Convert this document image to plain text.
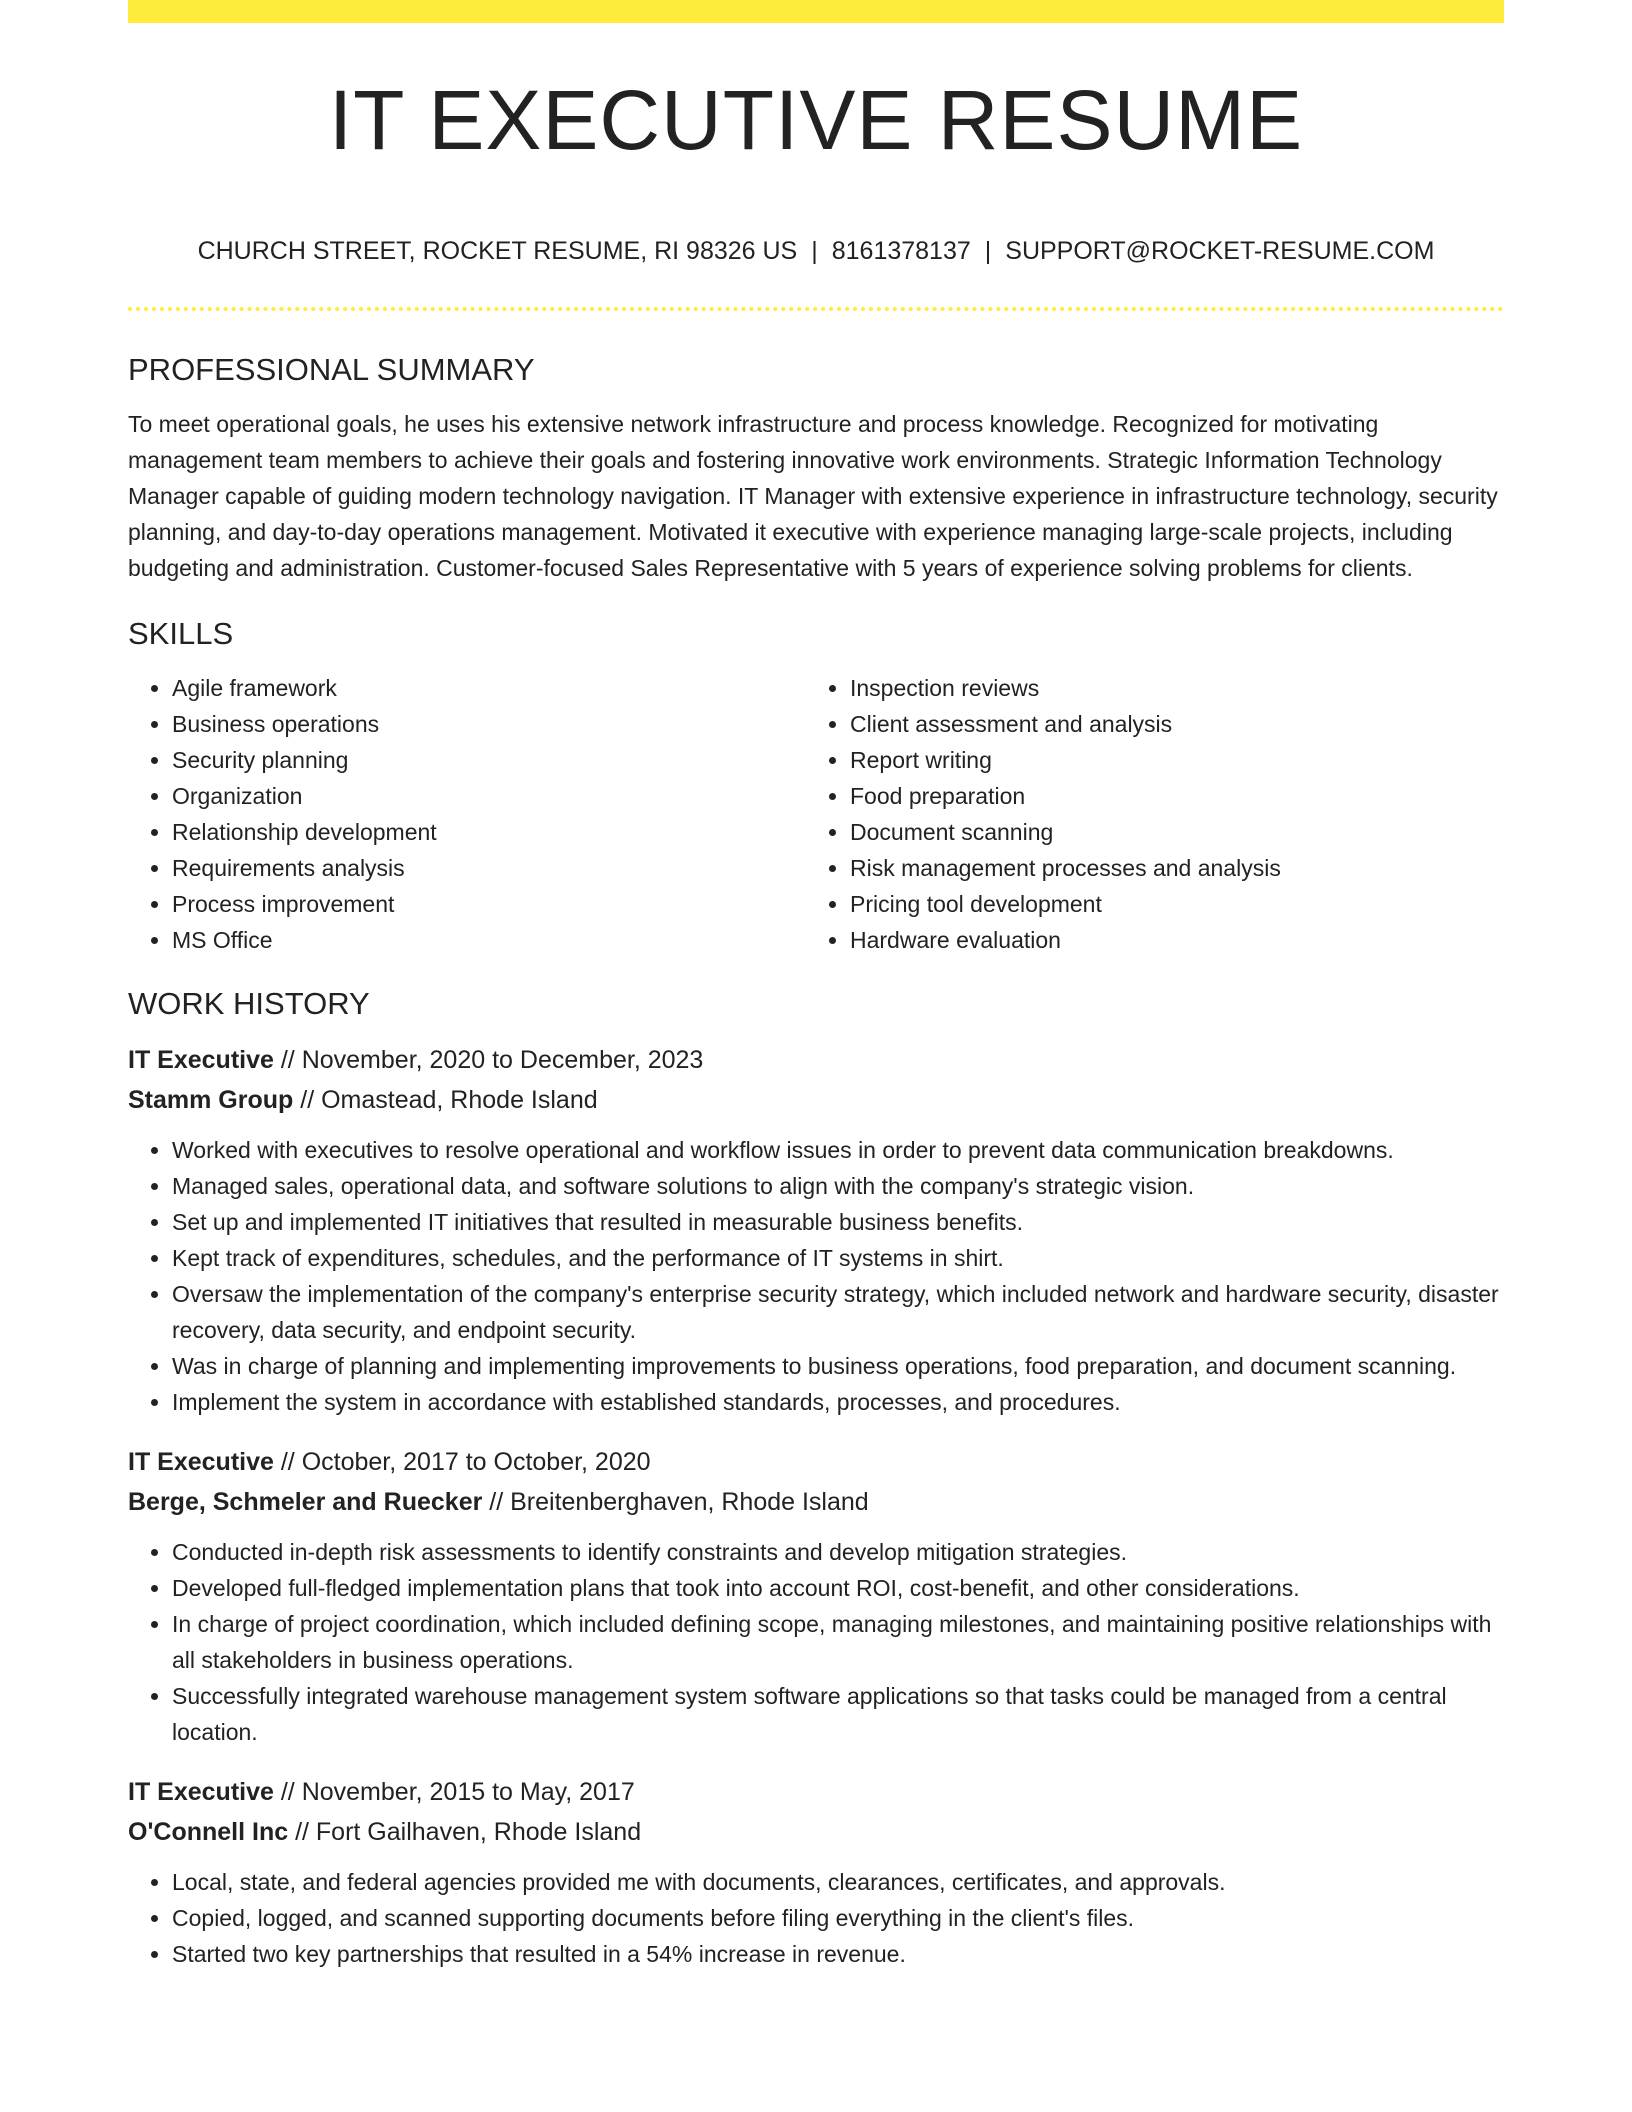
IT EXECUTIVE RESUME
CHURCH STREET, ROCKET RESUME, RI 98326 US | 8161378137 | SUPPORT@ROCKET-RESUME.COM
PROFESSIONAL SUMMARY

To meet operational goals, he uses his extensive network infrastructure and process knowledge. Recognized for motivating management team members to achieve their goals and fostering innovative work environments. Strategic Information Technology Manager capable of guiding modern technology navigation. IT Manager with extensive experience in infrastructure technology, security planning, and day-to-day operations management. Motivated it executive with experience managing large-scale projects, including budgeting and administration. Customer-focused Sales Representative with 5 years of experience solving problems for clients.

SKILLS
• Agile framework
• Business operations
• Security planning
• Organization
• Relationship development
• Requirements analysis
• Process improvement
• MS Office
• Inspection reviews
• Client assessment and analysis
• Report writing
• Food preparation
• Document scanning
• Risk management processes and analysis
• Pricing tool development
• Hardware evaluation
WORK HISTORY
IT Executive // November, 2020 to December, 2023
Stamm Group // Omastead, Rhode Island
• Worked with executives to resolve operational and workflow issues in order to prevent data communication breakdowns.
• Managed sales, operational data, and software solutions to align with the company's strategic vision.
• Set up and implemented IT initiatives that resulted in measurable business benefits.
• Kept track of expenditures, schedules, and the performance of IT systems in shirt.
• Oversaw the implementation of the company's enterprise security strategy, which included network and hardware security, disaster recovery, data security, and endpoint security.
• Was in charge of planning and implementing improvements to business operations, food preparation, and document scanning.
• Implement the system in accordance with established standards, processes, and procedures.
IT Executive // October, 2017 to October, 2020
Berge, Schmeler and Ruecker // Breitenberghaven, Rhode Island
• Conducted in-depth risk assessments to identify constraints and develop mitigation strategies.
• Developed full-fledged implementation plans that took into account ROI, cost-benefit, and other considerations.
• In charge of project coordination, which included defining scope, managing milestones, and maintaining positive relationships with all stakeholders in business operations.
• Successfully integrated warehouse management system software applications so that tasks could be managed from a central location.
IT Executive // November, 2015 to May, 2017
O'Connell Inc // Fort Gailhaven, Rhode Island
• Local, state, and federal agencies provided me with documents, clearances, certificates, and approvals.
• Copied, logged, and scanned supporting documents before filing everything in the client's files.
• Started two key partnerships that resulted in a 54% increase in revenue.
